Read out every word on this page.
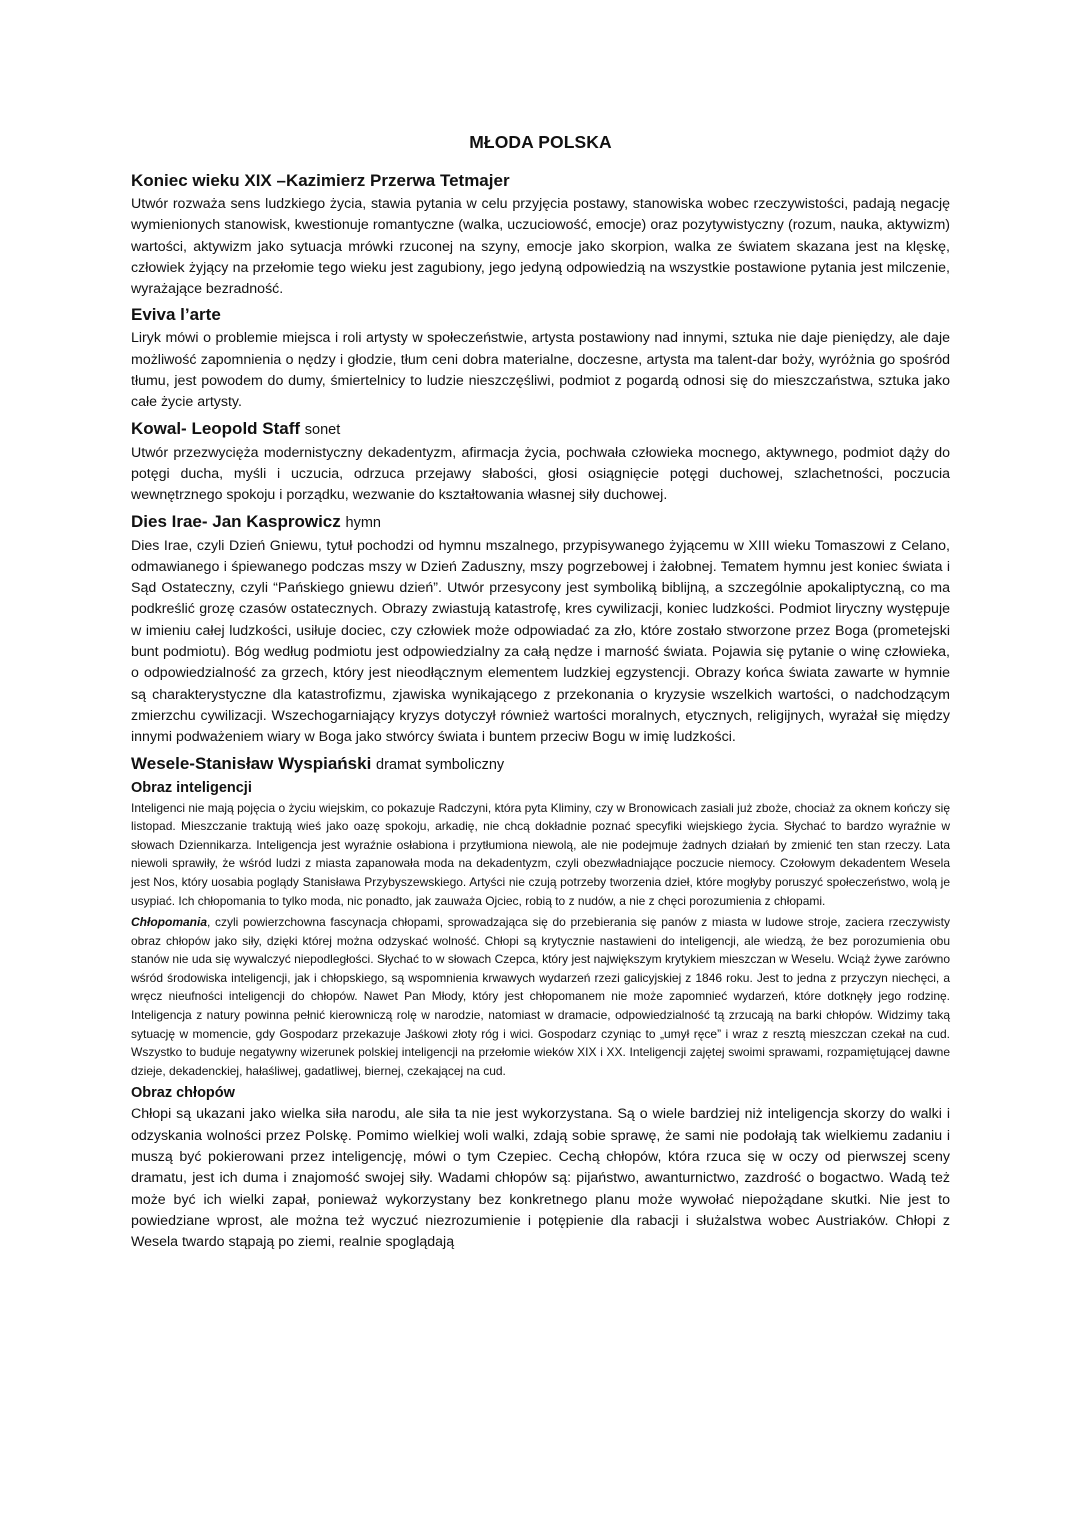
MŁODA POLSKA
Koniec wieku XIX –Kazimierz Przerwa Tetmajer

Utwór rozważa sens ludzkiego życia, stawia pytania w celu przyjęcia postawy, stanowiska wobec rzeczywistości, padają negację wymienionych stanowisk, kwestionuje romantyczne (walka, uczuciowość, emocje) oraz pozytywistyczny (rozum, nauka, aktywizm) wartości, aktywizm jako sytuacja mrówki rzuconej na szyny, emocje jako skorpion, walka ze światem skazana jest na klęskę, człowiek żyjący na przełomie tego wieku jest zagubiony, jego jedyną odpowiedzią na wszystkie postawione pytania jest milczenie, wyrażające bezradność.

Eviva l’arte

Liryk mówi o problemie miejsca i roli artysty w społeczeństwie, artysta postawiony nad innymi, sztuka nie daje pieniędzy, ale daje możliwość zapomnienia o nędzy i głodzie, tłum ceni dobra materialne, doczesne, artysta ma talent-dar boży, wyróżnia go spośród tłumu, jest powodem do dumy, śmiertelnicy to ludzie nieszczęśliwi, podmiot z pogardą odnosi się do mieszczaństwa, sztuka jako całe życie artysty.

Kowal- Leopold Staff sonet

Utwór przezwycięża modernistyczny dekadentyzm, afirmacja życia, pochwała człowieka mocnego, aktywnego, podmiot dąży do potęgi ducha, myśli i uczucia, odrzuca przejawy słabości, głosi osiągnięcie potęgi duchowej, szlachetności, poczucia wewnętrznego spokoju i porządku, wezwanie do kształtowania własnej siły duchowej.

Dies Irae- Jan Kasprowicz hymn

Dies Irae, czyli Dzień Gniewu, tytuł pochodzi od hymnu mszalnego, przypisywanego żyjącemu w XIII wieku Tomaszowi z Celano, odmawianego i śpiewanego podczas mszy w Dzień Zaduszny, mszy pogrzebowej i żałobnej. Tematem hymnu jest koniec świata i Sąd Ostateczny, czyli “Pańskiego gniewu dzień”. Utwór przesycony jest symboliką biblijną, a szczególnie apokaliptyczną, co ma podkreślić grozę czasów ostatecznych. Obrazy zwiastują katastrofę, kres cywilizacji, koniec ludzkości. Podmiot liryczny występuje w imieniu całej ludzkości, usiłuje dociec, czy człowiek może odpowiadać za zło, które zostało stworzone przez Boga (prometejski bunt podmiotu). Bóg według podmiotu jest odpowiedzialny za całą nędze i marność świata. Pojawia się pytanie o winę człowieka, o odpowiedzialność za grzech, który jest nieodłącznym elementem ludzkiej egzystencji. Obrazy końca świata zawarte w hymnie są charakterystyczne dla katastrofizmu, zjawiska wynikającego z przekonania o kryzysie wszelkich wartości, o nadchodzącym zmierzchu cywilizacji. Wszechogarniający kryzys dotyczył również wartości moralnych, etycznych, religijnych, wyrażał się między innymi podważeniem wiary w Boga jako stwórcy świata i buntem przeciw Bogu w imię ludzkości.

Wesele-Stanisław Wyspiański dramat symboliczny
Obraz inteligencji

Inteligenci nie mają pojęcia o życiu wiejskim, co pokazuje Radczyni, która pyta Kliminy, czy w Bronowicach zasiali już zboże, chociaż za oknem kończy się listopad. Mieszczanie traktują wieś jako oazę spokoju, arkadię, nie chcą dokładnie poznać specyfiki wiejskiego życia. Słychać to bardzo wyraźnie w słowach Dziennikarza. Inteligencja jest wyraźnie osłabiona i przytłumiona niewolą, ale nie podejmuje żadnych działań by zmienić ten stan rzeczy. Lata niewoli sprawiły, że wśród ludzi z miasta zapanowała moda na dekadentyzm, czyli obezwładniające poczucie niemocy. Czołowym dekadentem Wesela jest Nos, który uosabia poglądy Stanisława Przybyszewskiego. Artyści nie czują potrzeby tworzenia dzieł, które mogłyby poruszyć społeczeństwo, wolą je usypiać. Ich chłopomania to tylko moda, nic ponadto, jak zauważa Ojciec, robią to z nudów, a nie z chęci porozumienia z chłopami.

Chłopomania, czyli powierzchowna fascynacja chłopami, sprowadzająca się do przebierania się panów z miasta w ludowe stroje, zaciera rzeczywisty obraz chłopów jako siły, dzięki której można odzyskać wolność. Chłopi są krytycznie nastawieni do inteligencji, ale wiedzą, że bez porozumienia obu stanów nie uda się wywalczyć niepodległości. Słychać to w słowach Czepca, który jest największym krytykiem mieszczan w Weselu. Wciąż żywe zarówno wśród środowiska inteligencji, jak i chłopskiego, są wspomnienia krwawych wydarzeń rzezi galicyjskiej z 1846 roku. Jest to jedna z przyczyn niechęci, a wręcz nieufności inteligencji do chłopów. Nawet Pan Młody, który jest chłopomanem nie może zapomnieć wydarzeń, które dotknęły jego rodzinę. Inteligencja z natury powinna pełnić kierowniczą rolę w narodzie, natomiast w dramacie, odpowiedzialność tą zrzucają na barki chłopów. Widzimy taką sytuację w momencie, gdy Gospodarz przekazuje Jaśkowi złoty róg i wici. Gospodarz czyniąc to „umył ręce” i wraz z resztą mieszczan czekał na cud. Wszystko to buduje negatywny wizerunek polskiej inteligencji na przełomie wieków XIX i XX. Inteligencji zajętej swoimi sprawami, rozpamiętującej dawne dzieje, dekadenckiej, hałaśliwej, gadatliwej, biernej, czekającej na cud.

Obraz chłopów

Chłopi są ukazani jako wielka siła narodu, ale siła ta nie jest wykorzystana. Są o wiele bardziej niż inteligencja skorzy do walki i odzyskania wolności przez Polskę. Pomimo wielkiej woli walki, zdają sobie sprawę, że sami nie podołają tak wielkiemu zadaniu i muszą być pokierowani przez inteligencję, mówi o tym Czepiec. Cechą chłopów, która rzuca się w oczy od pierwszej sceny dramatu, jest ich duma i znajomość swojej siły. Wadami chłopów są: pijaństwo, awanturnictwo, zazdrość o bogactwo. Wadą też może być ich wielki zapał, ponieważ wykorzystany bez konkretnego planu może wywołać niepożądane skutki. Nie jest to powiedziane wprost, ale można też wyczuć niezrozumienie i potępienie dla rabacji i służalstwa wobec Austriaków. Chłopi z Wesela twardo stąpają po ziemi, realnie spoglądają
